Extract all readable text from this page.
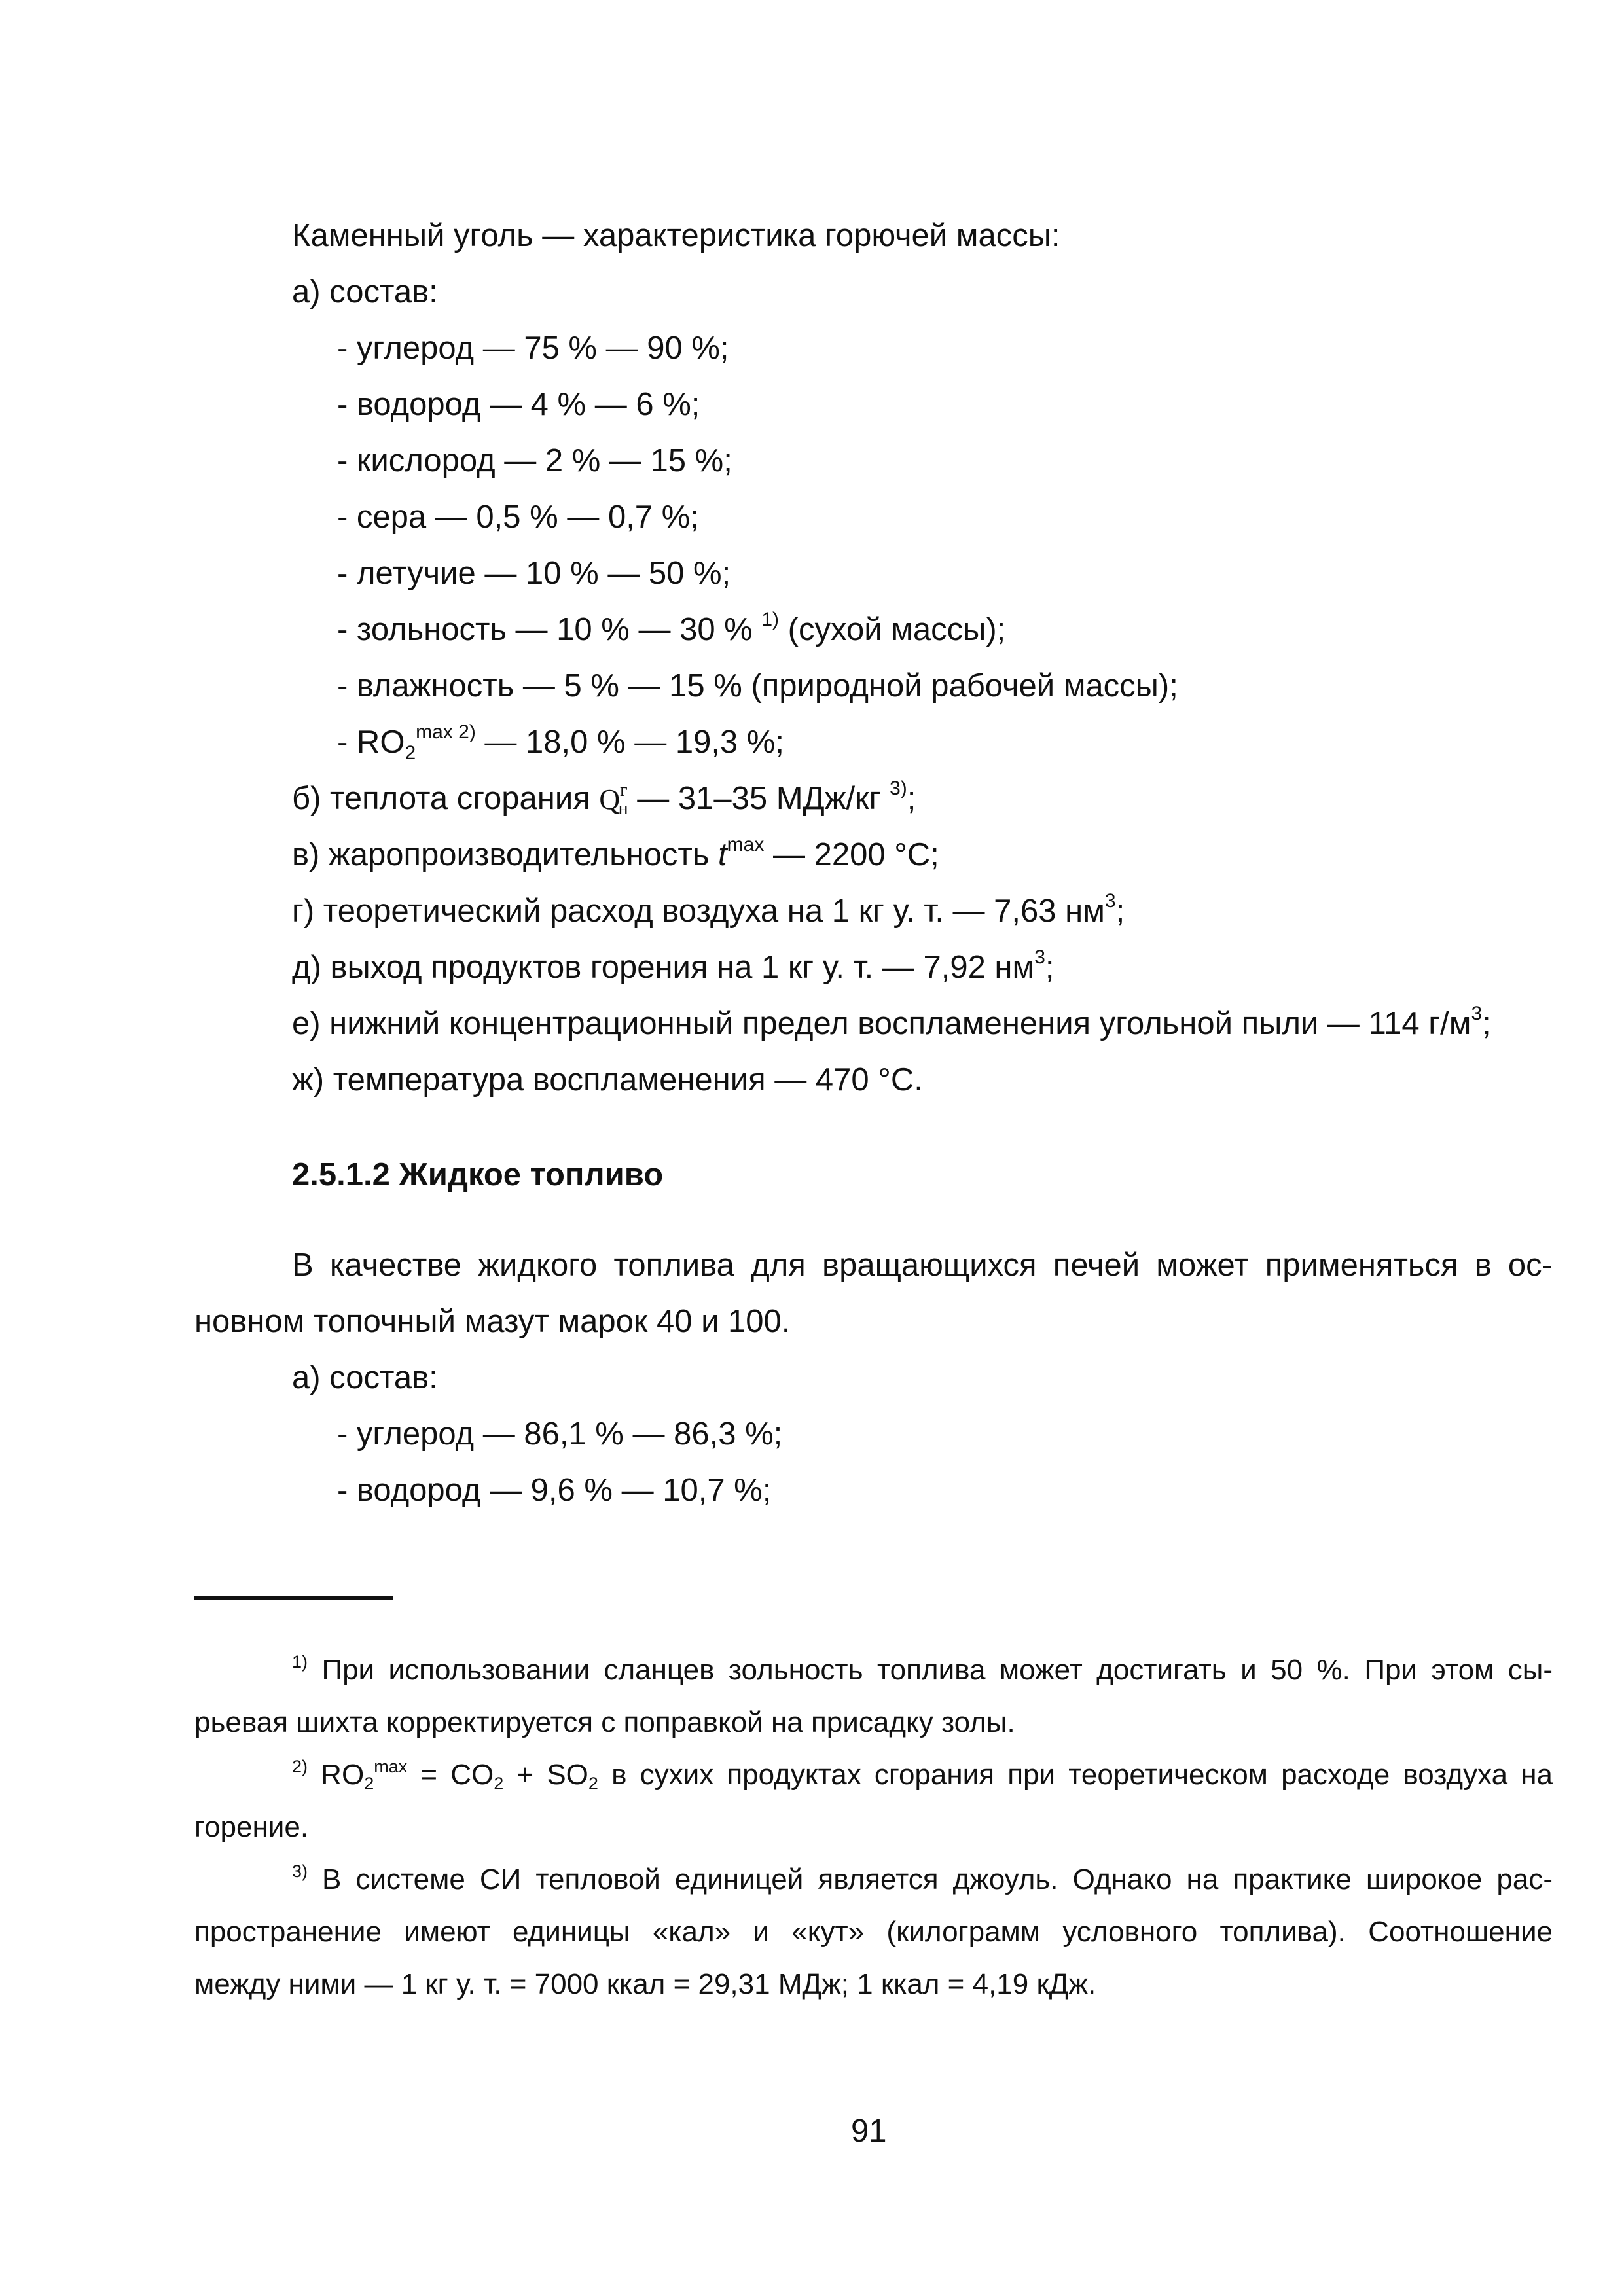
Каменный уголь — характеристика горючей массы:
а) состав:
- углерод — 75 % — 90 %;
- водород — 4 % — 6 %;
- кислород — 2 % — 15 %;
- сера — 0,5 % — 0,7 %;
- летучие — 10 % — 50 %;
- зольность — 10 % — 30 % $^{1)}$ (сухой массы);
- влажность — 5 % — 15 % (природной рабочей массы);
- $RO_2^{max 2)}$ — 18,0 % — 19,3 %;
б) теплота сгорания $Q^гн$ — 31–35 МДж/кг $^{3)}$;
в) жаропроизводительность $t^{max}$ — 2200 °С;
г) теоретический расход воздуха на 1 кг у. т. — 7,63 $нм^3$;
д) выход продуктов горения на 1 кг у. т. — 7,92 $нм^3$;
е) нижний концентрационный предел воспламенения угольной пыли — 114 $г/м^3$;
ж) температура воспламенения — 470 °С.
2.5.1.2 Жидкое топливо
В качестве жидкого топлива для вращающихся печей может применяться в ос-
новном топочный мазут марок 40 и 100.
а) состав:
- углерод — 86,1 % — 86,3 %;
- водород — 9,6 % — 10,7 %;
$^{1)}$ При использовании сланцев зольность топлива может достигать и 50 %. При этом сы-
рьевая шихта корректируется с поправкой на присадку золы.
$^{2)}$ $RO_2^{max} = CO_2 + SO_2$ в сухих продуктах сгорания при теоретическом расходе воздуха на
горение.
$^{3)}$ В системе СИ тепловой единицей является джоуль. Однако на практике широкое рас-
пространение имеют единицы «кал» и «кут» (килограмм условного топлива). Соотношение
между ними — 1 кг у. т. = 7000 ккал = 29,31 МДж; 1 ккал = 4,19 кДж.
91
